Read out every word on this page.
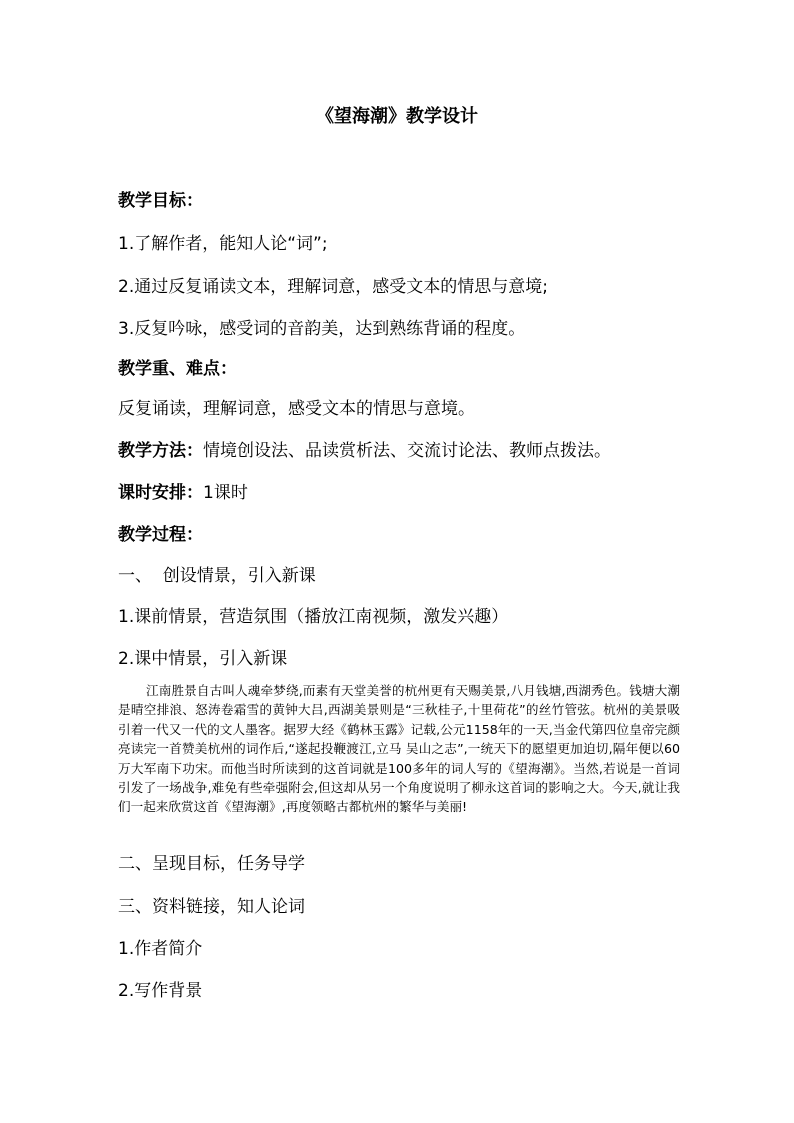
《望海潮》教学设计
教学目标：
1.了解作者，能知人论“词”;
2.通过反复诵读文本，理解词意，感受文本的情思与意境;
3.反复吟咏，感受词的音韵美，达到熟练背诵的程度。
教学重、难点：
反复诵读，理解词意，感受文本的情思与意境。
教学方法：情境创设法、品读赏析法、交流讨论法、教师点拨法。
课时安排：1课时
教学过程：
一、  创设情景，引入新课
1.课前情景，营造氛围（播放江南视频，激发兴趣）
2.课中情景，引入新课
江南胜景自古叫人魂牵梦绕,而素有天堂美誉的杭州更有天赐美景,八月钱塘,西湖秀色。钱塘大潮是晴空排浪、怒涛卷霜雪的黄钟大吕,西湖美景则是“三秋桂子,十里荷花”的丝竹管弦。杭州的美景吸引着一代又一代的文人墨客。据罗大经《鹤林玉露》记载,公元1158年的一天,当金代第四位皇帝完颜亮读完一首赞美杭州的词作后,“遂起投鞭渡江,立马 吴山之志”,一统天下的愿望更加迫切,隔年便以60万大军南下功宋。而他当时所读到的这首词就是100多年的词人写的《望海潮》。当然,若说是一首词引发了一场战争,难免有些牵强附会,但这却从另一个角度说明了柳永这首词的影响之大。今天,就让我们一起来欣赏这首《望海潮》,再度领略古都杭州的繁华与美丽!
二、呈现目标，任务导学
三、资料链接，知人论词
1.作者简介
2.写作背景
